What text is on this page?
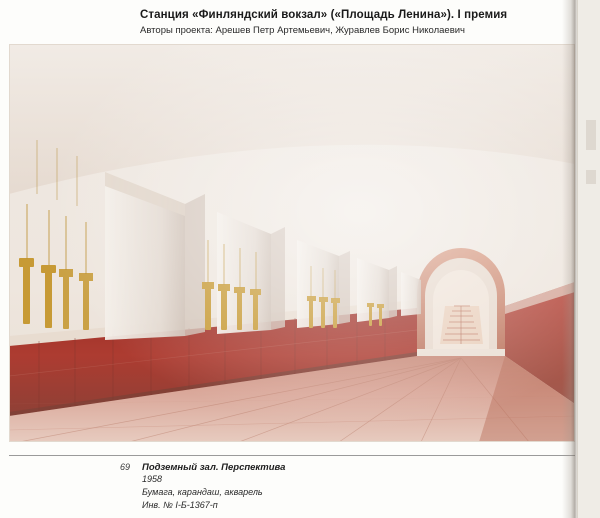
Станция «Финляндский вокзал» («Площадь Ленина»). I премия
Авторы проекта: Арешев Петр Артемьевич, Журавлев Борис Николаевич
69	Подземный зал. Перспектива
1958
Бумага, карандаш, акварель
Инв. № I-Б-1367-п
